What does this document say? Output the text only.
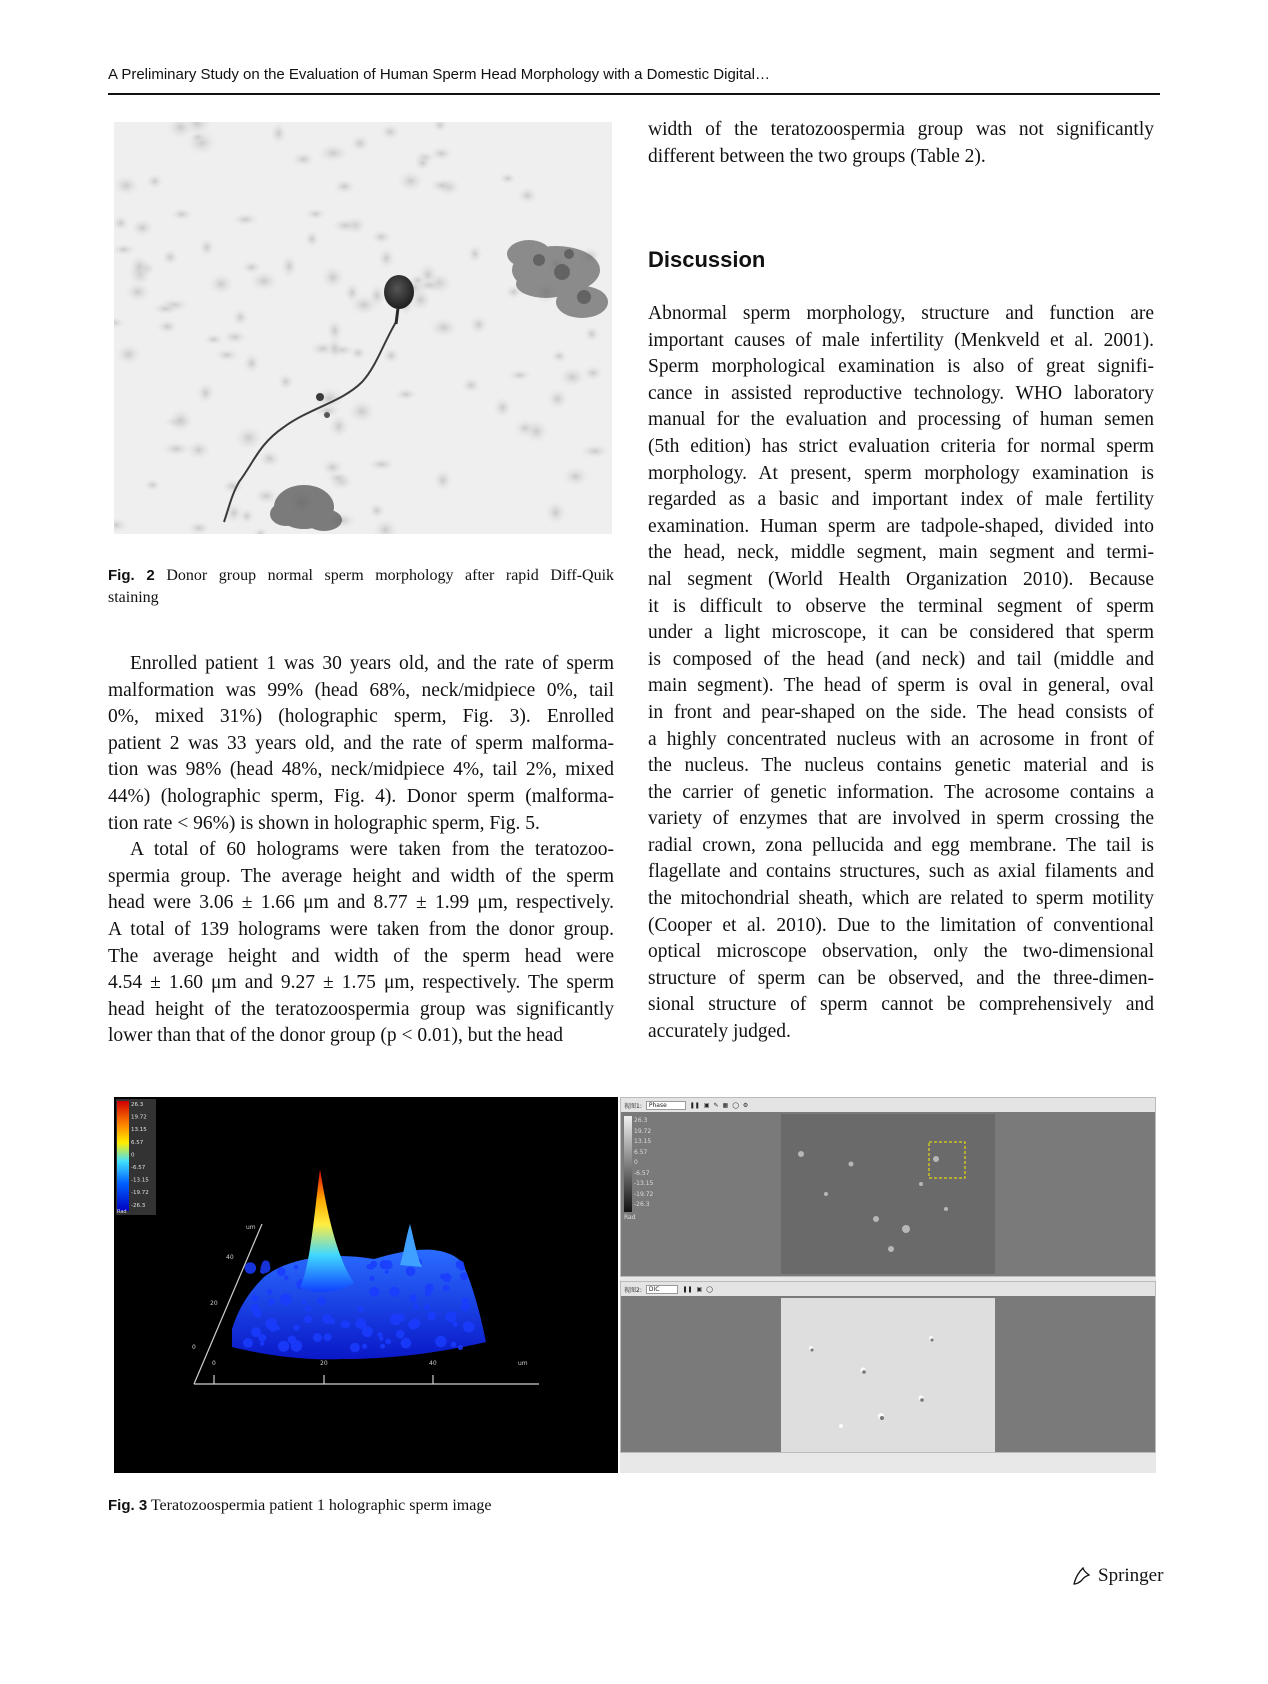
A Preliminary Study on the Evaluation of Human Sperm Head Morphology with a Domestic Digital…
Fig. 2 Donor group normal sperm morphology after rapid Diff-Quik
staining
Enrolled patient 1 was 30 years old, and the rate of sperm
malformation was 99% (head 68%, neck/midpiece 0%, tail
0%, mixed 31%) (holographic sperm, Fig. 3). Enrolled
patient 2 was 33 years old, and the rate of sperm malforma-
tion was 98% (head 48%, neck/midpiece 4%, tail 2%, mixed
44%) (holographic sperm, Fig. 4). Donor sperm (malforma-
tion rate < 96%) is shown in holographic sperm, Fig. 5.
A total of 60 holograms were taken from the teratozoo-
spermia group. The average height and width of the sperm
head were 3.06 ± 1.66 μm and 8.77 ± 1.99 μm, respectively.
A total of 139 holograms were taken from the donor group.
The average height and width of the sperm head were
4.54 ± 1.60 μm and 9.27 ± 1.75 μm, respectively. The sperm
head height of the teratozoospermia group was significantly
lower than that of the donor group (p < 0.01), but the head
width of the teratozoospermia group was not significantly
different between the two groups (Table 2).
Discussion
Abnormal sperm morphology, structure and function are
important causes of male infertility (Menkveld et al. 2001).
Sperm morphological examination is also of great signifi-
cance in assisted reproductive technology. WHO laboratory
manual for the evaluation and processing of human semen
(5th edition) has strict evaluation criteria for normal sperm
morphology. At present, sperm morphology examination is
regarded as a basic and important index of male fertility
examination. Human sperm are tadpole-shaped, divided into
the head, neck, middle segment, main segment and termi-
nal segment (World Health Organization 2010). Because
it is difficult to observe the terminal segment of sperm
under a light microscope, it can be considered that sperm
is composed of the head (and neck) and tail (middle and
main segment). The head of sperm is oval in general, oval
in front and pear-shaped on the side. The head consists of
a highly concentrated nucleus with an acrosome in front of
the nucleus. The nucleus contains genetic material and is
the carrier of genetic information. The acrosome contains a
variety of enzymes that are involved in sperm crossing the
radial crown, zona pellucida and egg membrane. The tail is
flagellate and contains structures, such as axial filaments and
the mitochondrial sheath, which are related to sperm motility
(Cooper et al. 2010). Due to the limitation of conventional
optical microscope observation, only the two-dimensional
structure of sperm can be observed, and the three-dimen-
sional structure of sperm cannot be comprehensively and
accurately judged.
26.3
19.72
13.15
6.57
0
-6.57
-13.15
-19.72
-26.3
Rad
um
um
40
20
0
0	20	40
视图1:	Phase	❚❚ ▣ ✎ ▦ ◯ ⚙
26.3
19.72
13.15
6.57
0
-6.57
-13.15
-19.72
-26.3
Rad
视图2:	DIC	❚❚ ▣ ◯
Fig. 3 Teratozoospermia patient 1 holographic sperm image
Springer
